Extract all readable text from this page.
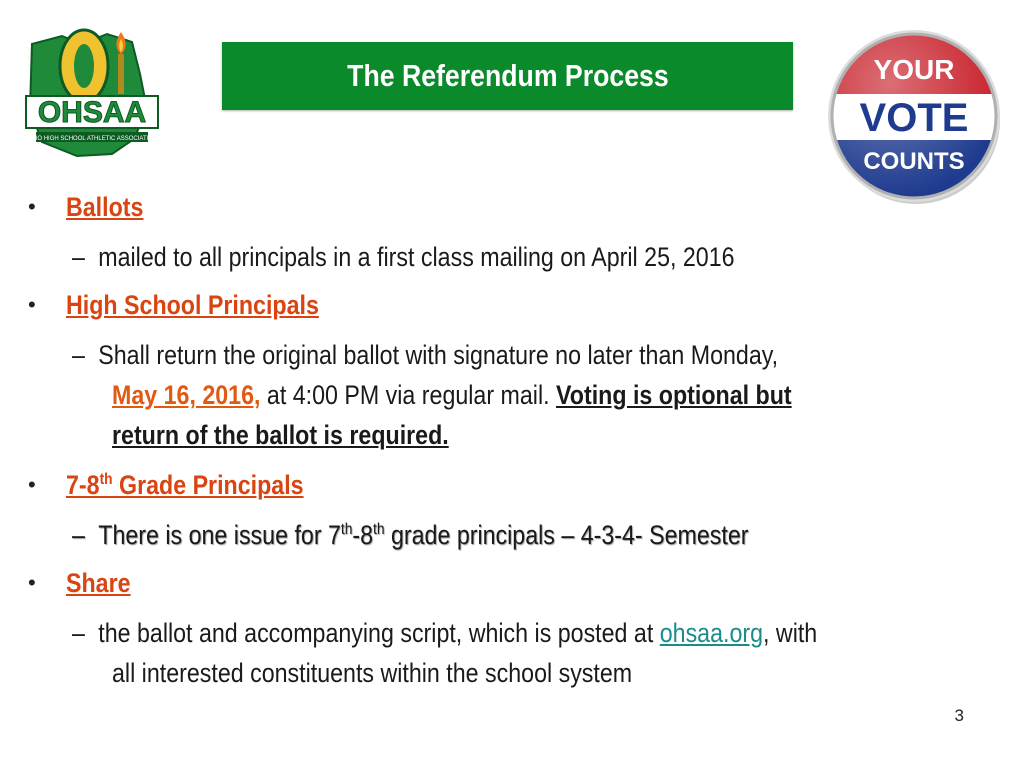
OHSAA
OHIO HIGH SCHOOL ATHLETIC ASSOCIATION
The Referendum Process	YOUR
VOTE
COUNTS
• Ballots
– mailed to all principals in a first class mailing on April 25, 2016
• High School Principals
– Shall return the original ballot with signature no later than Monday,
May 16, 2016, at 4:00 PM via regular mail. Voting is optional but
return of the ballot is required.
• 7-8th Grade Principals
– There is one issue for 7th-8th grade principals – 4-3-4- Semester
• Share
– the ballot and accompanying script, which is posted at ohsaa.org, with
all interested constituents within the school system
3
